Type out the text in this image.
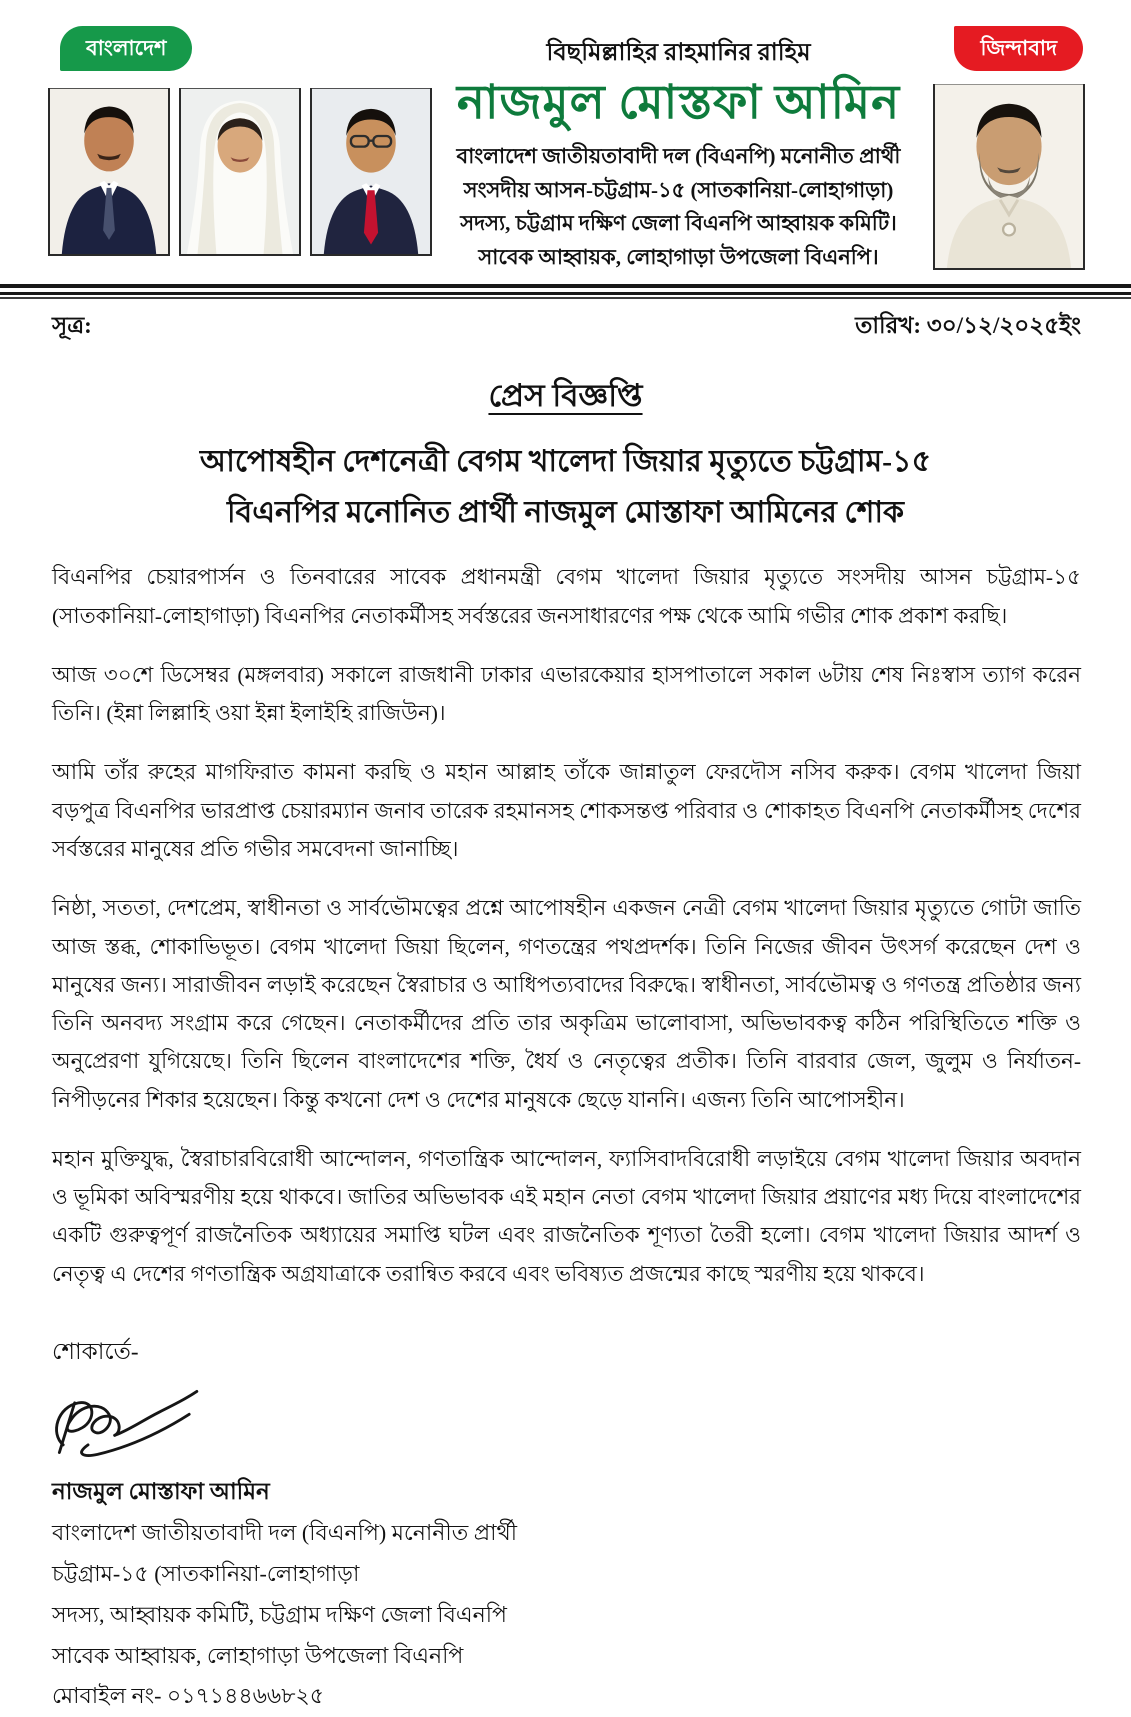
বাংলাদেশ	বিছমিল্লাহির রাহমানির রাহিম	জিন্দাবাদ
নাজমুল মোস্তফা আমিন
বাংলাদেশ জাতীয়তাবাদী দল (বিএনপি) মনোনীত প্রার্থী
সংসদীয় আসন-চট্টগ্রাম-১৫ (সাতকানিয়া-লোহাগাড়া)
সদস্য, চট্টগ্রাম দক্ষিণ জেলা বিএনপি আহ্বায়ক কমিটি।
সাবেক আহ্বায়ক, লোহাগাড়া উপজেলা বিএনপি।
সূত্র:	তারিখ: ৩০/১২/২০২৫ইং
প্রেস বিজ্ঞপ্তি
আপোষহীন দেশনেত্রী বেগম খালেদা জিয়ার মৃত্যুতে চট্টগ্রাম-১৫
বিএনপির মনোনিত প্রার্থী নাজমুল মোস্তাফা আমিনের শোক

বিএনপির চেয়ারপার্সন ও তিনবারের সাবেক প্রধানমন্ত্রী বেগম খালেদা জিয়ার মৃত্যুতে সংসদীয় আসন চট্টগ্রাম-১৫ (সাতকানিয়া-লোহাগাড়া) বিএনপির নেতাকর্মীসহ সর্বস্তরের জনসাধারণের পক্ষ থেকে আমি গভীর শোক প্রকাশ করছি।

আজ ৩০শে ডিসেম্বর (মঙ্গলবার) সকালে রাজধানী ঢাকার এভারকেয়ার হাসপাতালে সকাল ৬টায় শেষ নিঃস্বাস ত্যাগ করেন তিনি। (ইন্না লিল্লাহি ওয়া ইন্না ইলাইহি রাজিউন)।

আমি তাঁর রুহের মাগফিরাত কামনা করছি ও মহান আল্লাহ তাঁকে জান্নাতুল ফেরদৌস নসিব করুক। বেগম খালেদা জিয়া বড়পুত্র বিএনপির ভারপ্রাপ্ত চেয়ারম্যান জনাব তারেক রহমানসহ শোকসন্তপ্ত পরিবার ও শোকাহত বিএনপি নেতাকর্মীসহ দেশের সর্বস্তরের মানুষের প্রতি গভীর সমবেদনা জানাচ্ছি।

নিষ্ঠা, সততা, দেশপ্রেম, স্বাধীনতা ও সার্বভৌমত্বের প্রশ্নে আপোষহীন একজন নেত্রী বেগম খালেদা জিয়ার মৃত্যুতে গোটা জাতি আজ স্তব্ধ, শোকাভিভূত। বেগম খালেদা জিয়া ছিলেন, গণতন্ত্রের পথপ্রদর্শক। তিনি নিজের জীবন উৎসর্গ করেছেন দেশ ও মানুষের জন্য। সারাজীবন লড়াই করেছেন স্বৈরাচার ও আধিপত্যবাদের বিরুদ্ধে। স্বাধীনতা, সার্বভৌমত্ব ও গণতন্ত্র প্রতিষ্ঠার জন্য তিনি অনবদ্য সংগ্রাম করে গেছেন। নেতাকর্মীদের প্রতি তার অকৃত্রিম ভালোবাসা, অভিভাবকত্ব কঠিন পরিস্থিতিতে শক্তি ও অনুপ্রেরণা যুগিয়েছে। তিনি ছিলেন বাংলাদেশের শক্তি, ধৈর্য ও নেতৃত্বের প্রতীক। তিনি বারবার জেল, জুলুম ও নির্যাতন-নিপীড়নের শিকার হয়েছেন। কিন্তু কখনো দেশ ও দেশের মানুষকে ছেড়ে যাননি। এজন্য তিনি আপোসহীন।

মহান মুক্তিযুদ্ধ, স্বৈরাচারবিরোধী আন্দোলন, গণতান্ত্রিক আন্দোলন, ফ্যাসিবাদবিরোধী লড়াইয়ে বেগম খালেদা জিয়ার অবদান ও ভূমিকা অবিস্মরণীয় হয়ে থাকবে। জাতির অভিভাবক এই মহান নেতা বেগম খালেদা জিয়ার প্রয়াণের মধ্য দিয়ে বাংলাদেশের একটি গুরুত্বপূর্ণ রাজনৈতিক অধ্যায়ের সমাপ্তি ঘটল এবং রাজনৈতিক শূণ্যতা তৈরী হলো। বেগম খালেদা জিয়ার আদর্শ ও নেতৃত্ব এ দেশের গণতান্ত্রিক অগ্রযাত্রাকে তরান্বিত করবে এবং ভবিষ্যত প্রজন্মের কাছে স্মরণীয় হয়ে থাকবে।

শোকার্তে-
নাজমুল মোস্তাফা আমিন
বাংলাদেশ জাতীয়তাবাদী দল (বিএনপি) মনোনীত প্রার্থী
চট্টগ্রাম-১৫ (সাতকানিয়া-লোহাগাড়া
সদস্য, আহ্বায়ক কমিটি, চট্টগ্রাম দক্ষিণ জেলা বিএনপি
সাবেক আহ্বায়ক, লোহাগাড়া উপজেলা বিএনপি
মোবাইল নং- ০১৭১৪৪৬৬৮২৫
